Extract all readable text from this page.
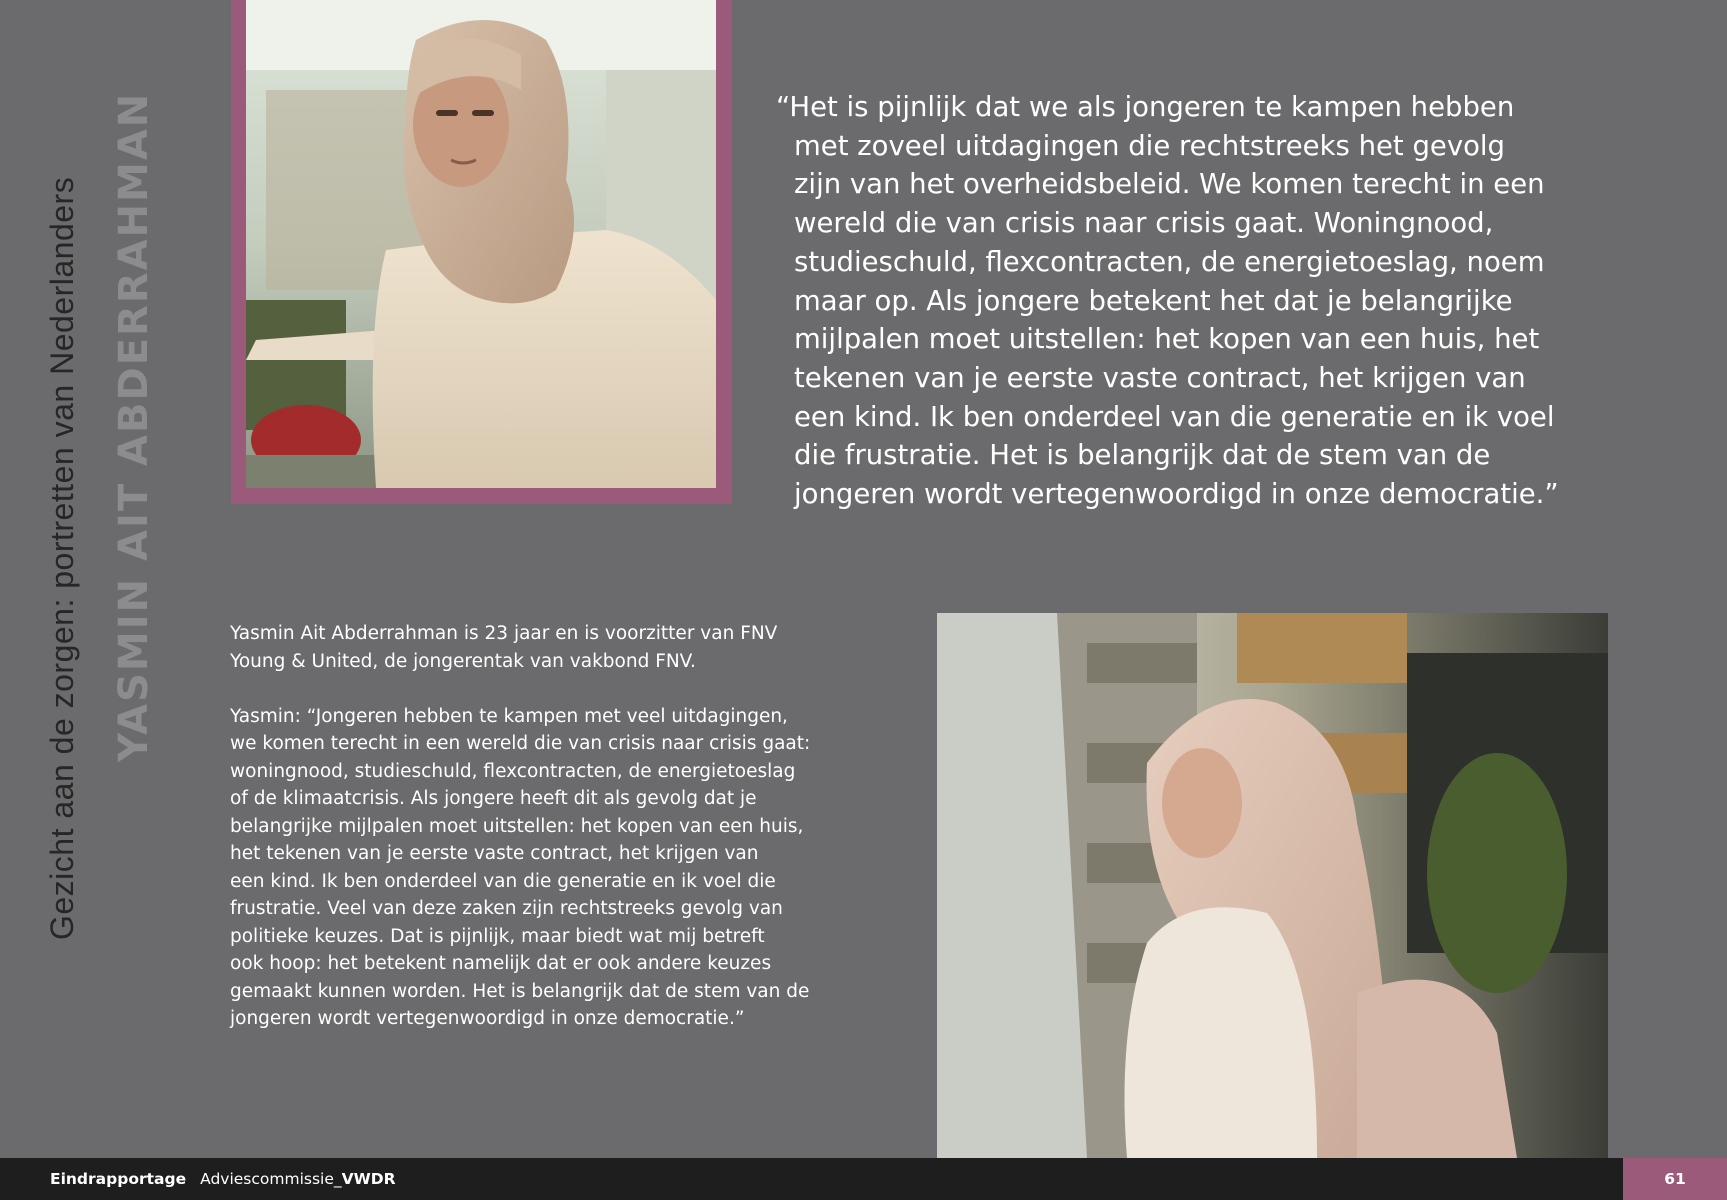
Gezicht aan de zorgen: portretten van Nederlanders YASMIN AIT ABDERRAHMAN	“Het is pijnlijk dat we als jongeren te kampen hebben
met zoveel uitdagingen die rechtstreeks het gevolg
zijn van het overheidsbeleid. We komen terecht in een
wereld die van crisis naar crisis gaat. Woningnood,
studieschuld, flexcontracten, de energietoeslag, noem
maar op. Als jongere betekent het dat je belangrijke
mijlpalen moet uitstellen: het kopen van een huis, het
tekenen van je eerste vaste contract, het krijgen van
een kind. Ik ben onderdeel van die generatie en ik voel
die frustratie. Het is belangrijk dat de stem van de
jongeren wordt vertegenwoordigd in onze democratie.”
Yasmin Ait Abderrahman is 23 jaar en is voorzitter van FNV
Young & United, de jongerentak van vakbond FNV.
Yasmin: “Jongeren hebben te kampen met veel uitdagingen,
we komen terecht in een wereld die van crisis naar crisis gaat:
woningnood, studieschuld, flexcontracten, de energietoeslag
of de klimaatcrisis. Als jongere heeft dit als gevolg dat je
belangrijke mijlpalen moet uitstellen: het kopen van een huis,
het tekenen van je eerste vaste contract, het krijgen van
een kind. Ik ben onderdeel van die generatie en ik voel die
frustratie. Veel van deze zaken zijn rechtstreeks gevolg van
politieke keuzes. Dat is pijnlijk, maar biedt wat mij betreft
ook hoop: het betekent namelijk dat er ook andere keuzes
gemaakt kunnen worden. Het is belangrijk dat de stem van de
jongeren wordt vertegenwoordigd in onze democratie.”
Eindrapportage Adviescommissie_VWDR	61
